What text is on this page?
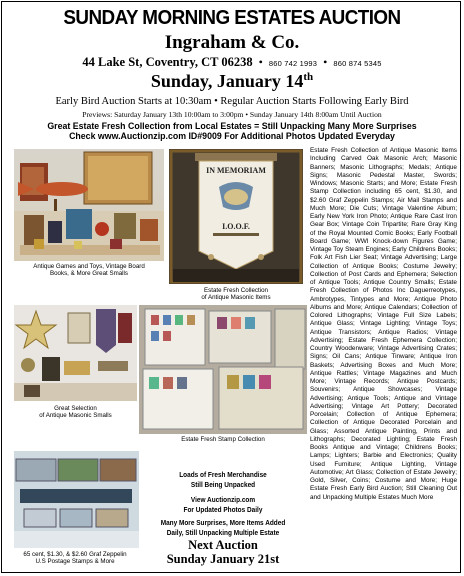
SUNDAY MORNING ESTATES AUCTION
Ingraham & Co.
44 Lake St, Coventry, CT 06238  •  860 742 1993  •  860 874 5345
Sunday, January 14th
Early Bird Auction Starts at 10:30am • Regular Auction Starts Following Early Bird
Previews: Saturday January 13th 10:00am to 3:00pm • Sunday January 14th 8:00am Until Auction
Great Estate Fresh Collection from Local Estates = Still Unpacking Many More Surprises
Check www.Auctionzip.com ID#9009 For Additional Photos Updated Everyday
Antique Games and Toys, Vintage Board
Books, & More Great Smalls
IN MEMORIAM
I.O.O.F.
Estate Fresh Collection
of Antique Masonic Items
Great Selection
of Antique Masonic Smalls
Estate Fresh Stamp Collection
65 cent, $1.30, & $2.60 Graf Zeppelin
U.S Postage Stamps & More
Loads of Fresh Merchandise
Still Being Unpacked
View Auctionzip.com
For Updated Photos Daily
Many More Surprises, More Items Added
Daily, Still Unpacking Multiple Estate
Next Auction
Sunday January 21st
Estate Fresh Collection of Antique Masonic Items Including Carved Oak Masonic Arch; Masonic Banners; Masonic Lithographs; Medals; Antique Signs; Masonic Pedestal Master, Swords; Windows; Masonic Starts; and More; Estate Fresh Stamp Collection including 65 cent, $1.30, and $2.60 Graf Zeppelin Stamps; Air Mail Stamps and Much More; Die Cuts; Vintage Valentine Album; Early New York Iron Photo; Antique Rare Cast Iron Gear Box; Vintage Coin Tripartite; Rare Gray King of the Royal Mounted Comic Books; Early Football Board Game; WWI Knock-down Figures Game; Vintage Toy Steam Engines; Early Childrens Books; Folk Art Fish Lier Seat; Vintage Advertising; Large Collection of Antique Books; Costume Jewelry; Collection of Post Cards and Ephemera; Selection of Antique Tools; Antique Country Smalls; Estate Fresh Collection of Photos Inc Daguerreotypes, Ambrotypes, Tintypes and More; Antique Photo Albums and More; Antique Calendars; Collection of Colored Lithographs; Vintage Full Size Labels; Antique Glass; Vintage Lighting; Vintage Toys; Antique Transistors; Antique Radios; Vintage Advertising; Estate Fresh Ephemera Collection; Country Woodenware; Vintage Advertising Crates; Signs; Oil Cans; Antique Tinware; Antique Iron Baskets; Advertising Boxes and Much More; Antique Rattles; Vintage Magazines and Much More; Vintage Records; Antique Postcards; Souvenirs; Antique Showcases; Vintage Advertising; Antique Tools; Antique and Vintage Advertising; Vintage Art Pottery; Decorated Porcelain; Collection of Antique Ephemera; Collection of Antique Decorated Porcelain and Glass; Assorted Antique Painting, Prints and Lithographs; Decorated Lighting; Estate Fresh Books Antique and Vintage; Childrens Books; Lamps; Lighters; Barbie and Electronics; Quality Used Furniture; Antique Lighting, Vintage Automotive; Art Glass; Collection of Estate Jewelry; Gold, Silver, Coins; Costume and More; Huge Estate Fresh Early Bird Auction; Still Cleaning Out and Unpacking Multiple Estates Much More
